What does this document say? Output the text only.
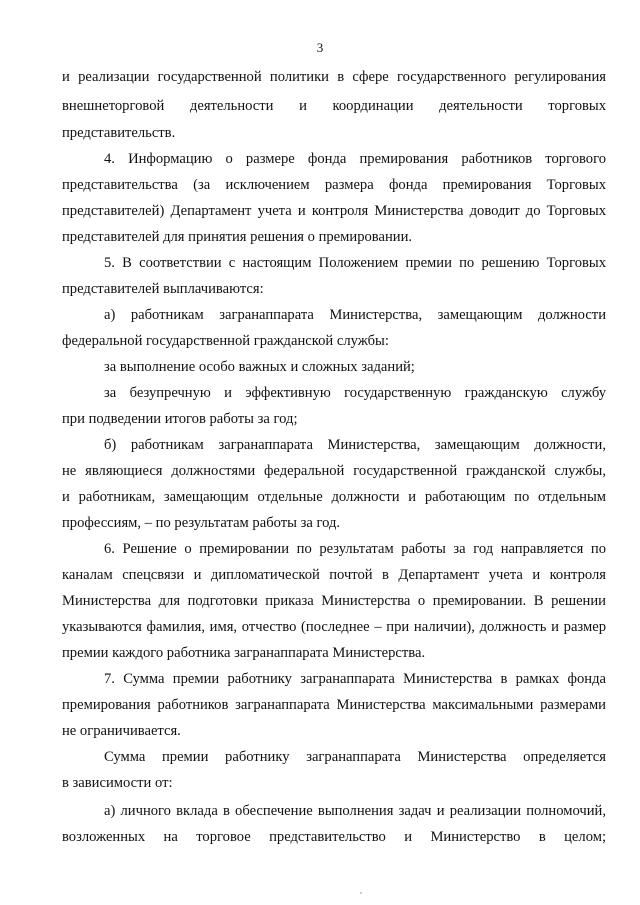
3
и реализации государственной политики в сфере государственного регулирования
внешнеторговой деятельности и координации деятельности торговых
представительств.
4. Информацию о размере фонда премирования работников торгового
представительства (за исключением размера фонда премирования Торговых
представителей) Департамент учета и контроля Министерства доводит до Торговых
представителей для принятия решения о премировании.
5. В соответствии с настоящим Положением премии по решению Торговых
представителей выплачиваются:
а) работникам загранаппарата Министерства, замещающим должности
федеральной государственной гражданской службы:
за выполнение особо важных и сложных заданий;
за безупречную и эффективную государственную гражданскую службу
при подведении итогов работы за год;
б) работникам загранаппарата Министерства, замещающим должности,
не являющиеся должностями федеральной государственной гражданской службы,
и работникам, замещающим отдельные должности и работающим по отдельным
профессиям, – по результатам работы за год.
6. Решение о премировании по результатам работы за год направляется по
каналам спецсвязи и дипломатической почтой в Департамент учета и контроля
Министерства для подготовки приказа Министерства о премировании. В решении
указываются фамилия, имя, отчество (последнее – при наличии), должность и размер
премии каждого работника загранаппарата Министерства.
7. Сумма премии работнику загранаппарата Министерства в рамках фонда
премирования работников загранаппарата Министерства максимальными размерами
не ограничивается.
Сумма премии работнику загранаппарата Министерства определяется
в зависимости от:
а) личного вклада в обеспечение выполнения задач и реализации полномочий,
возложенных на торговое представительство и Министерство в целом;
